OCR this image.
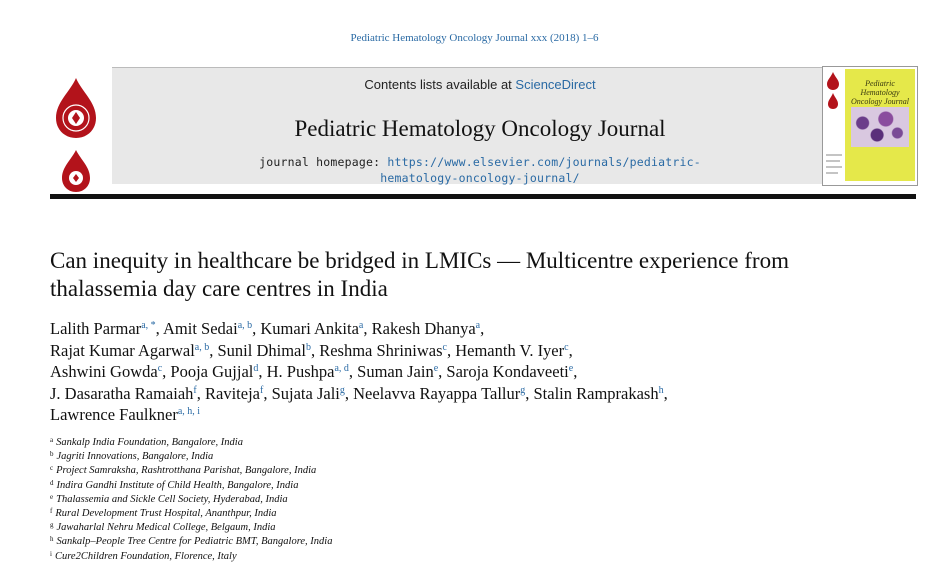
Pediatric Hematology Oncology Journal xxx (2018) 1–6
Contents lists available at ScienceDirect
Pediatric Hematology Oncology Journal
journal homepage: https://www.elsevier.com/journals/pediatric-
hematology-oncology-journal/
Pediatric Hematology Oncology Journal
Can inequity in healthcare be bridged in LMICs — Multicentre experience from thalassemia day care centres in India
Lalith Parmar$^{a, *}$, Amit Sedai$^{a, b}$, Kumari Ankita$^a$, Rakesh Dhanya$^a$,
Rajat Kumar Agarwal$^{a, b}$, Sunil Dhimal$^b$, Reshma Shriniwas$^c$, Hemanth V. Iyer$^c$,
Ashwini Gowda$^c$, Pooja Gujjal$^d$, H. Pushpa$^{a, d}$, Suman Jain$^e$, Saroja Kondaveeti$^e$,
J. Dasaratha Ramaiah$^f$, Raviteja$^f$, Sujata Jali$^g$, Neelavva Rayappa Tallur$^g$, Stalin Ramprakash$^h$,
Lawrence Faulkner$^{a, h, i}$
$^a$ Sankalp India Foundation, Bangalore, India
$^b$ Jagriti Innovations, Bangalore, India
$^c$ Project Samraksha, Rashtrotthana Parishat, Bangalore, India
$^d$ Indira Gandhi Institute of Child Health, Bangalore, India
$^e$ Thalassemia and Sickle Cell Society, Hyderabad, India
$^f$ Rural Development Trust Hospital, Ananthpur, India
$^g$ Jawaharlal Nehru Medical College, Belgaum, India
$^h$ Sankalp–People Tree Centre for Pediatric BMT, Bangalore, India
$^i$ Cure2Children Foundation, Florence, Italy
